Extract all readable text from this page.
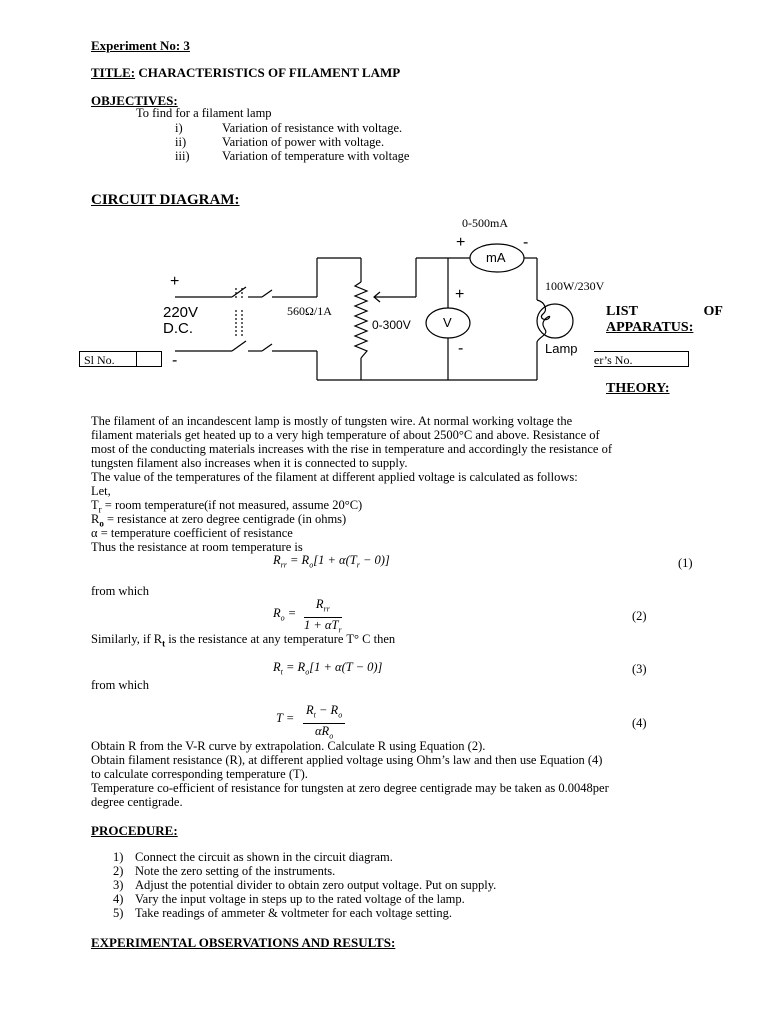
Experiment No: 3
TITLE: CHARACTERISTICS OF FILAMENT LAMP
OBJECTIVES:
To find for a filament lamp
i)	Variation of resistance with voltage.
ii)	Variation of power with voltage.
iii)	Variation of temperature with voltage
CIRCUIT DIAGRAM:
0-500mA
+	-
mA
+
220V
D.C.
-
560Ω/1A
+
V
0-300V
-
100W/230V
Lamp
LIST	OF
APPARATUS:
Sl No.	er’s No.
THEORY:
The filament of an incandescent lamp is mostly of tungsten wire. At normal working voltage the
filament materials get heated up to a very high temperature of about 2500°C and above. Resistance of
most of the conducting materials increases with the rise in temperature and accordingly the resistance of
tungsten filament also increases when it is connected to supply.
The value of the temperatures of the filament at different applied voltage is calculated as follows:
Let,
$T_r$ = room temperature(if not measured, assume 20°C)
$R_o$ = resistance at zero degree centigrade (in ohms)
α = temperature coefficient of resistance
Thus the resistance at room temperature is
$R_{rr} = R_o[1 + \alpha(T_r - 0)]$	(1)
from which
$R_o$ =
$R_{rr}$
$1 + \alpha T_r$
(2)
Similarly, if $R_t$ is the resistance at any temperature T° C then
$R_t = R_o[1 + \alpha(T - 0)]$	(3)
from which
T =
$R_t - R_o$
$\alpha R_o$
(4)
Obtain R from the V-R curve by extrapolation. Calculate R using Equation (2).
Obtain filament resistance (R), at different applied voltage using Ohm’s law and then use Equation (4)
to calculate corresponding temperature (T).
Temperature co-efficient of resistance for tungsten at zero degree centigrade may be taken as 0.0048per
degree centigrade.
PROCEDURE:
1) Connect the circuit as shown in the circuit diagram.
2) Note the zero setting of the instruments.
3) Adjust the potential divider to obtain zero output voltage. Put on supply.
4) Vary the input voltage in steps up to the rated voltage of the lamp.
5) Take readings of ammeter & voltmeter for each voltage setting.
EXPERIMENTAL OBSERVATIONS AND RESULTS:
